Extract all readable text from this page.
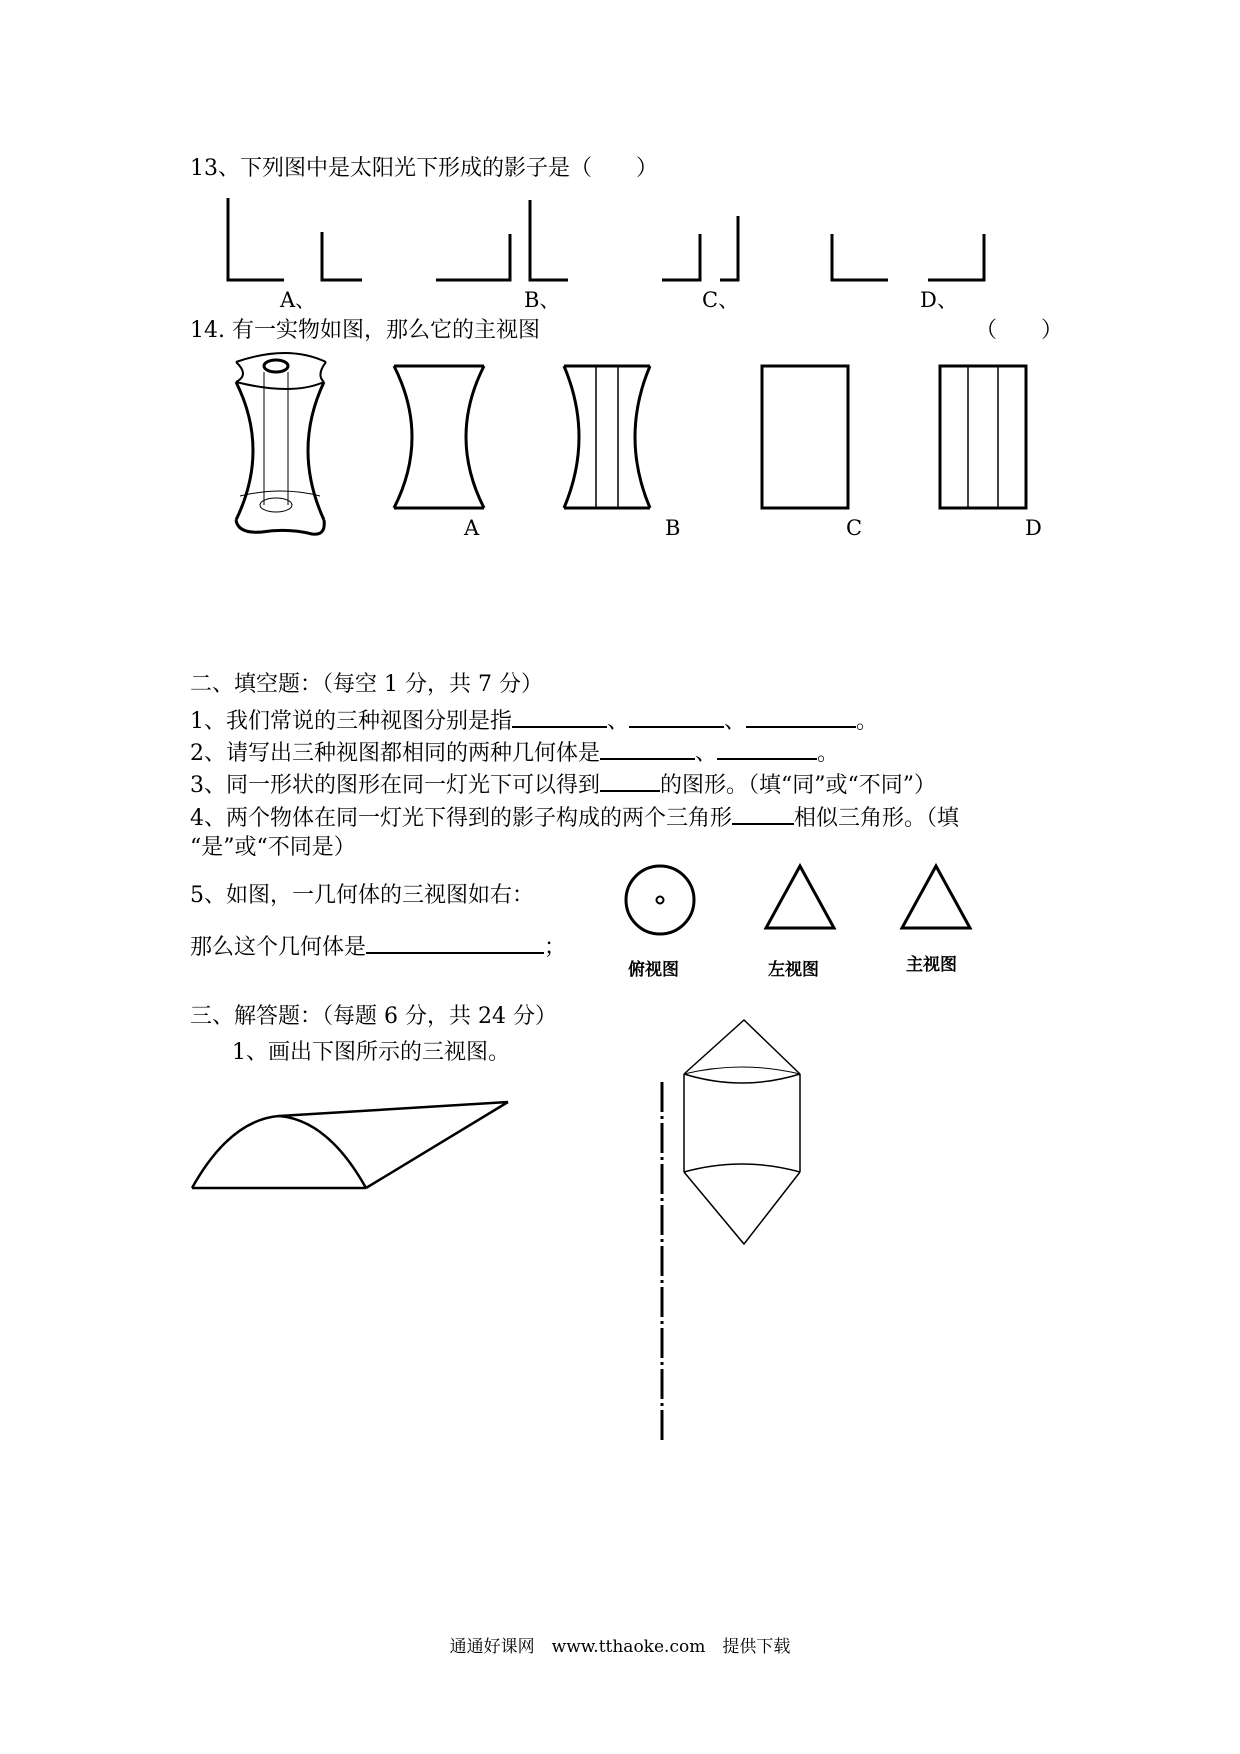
13、下列图中是太阳光下形成的影子是（　　）
A、	B、	C、	D、
14. 有一实物如图，那么它的主视图	（　　）
A	B	C	D
二、填空题：（每空 1 分，共 7 分）
1、我们常说的三种视图分别是指	、	、	。
2、请写出三种视图都相同的两种几何体是	、	。
3、同一形状的图形在同一灯光下可以得到	的图形。（填“同”或“不同”）
4、两个物体在同一灯光下得到的影子构成的两个三角形	相似三角形。（填
“是”或“不同是）
5、如图，一几何体的三视图如右：
那么这个几何体是	；
俯视图	左视图	主视图
三、解答题：（每题 6 分，共 24 分）
1、画出下图所示的三视图。
通通好课网　www.tthaoke.com　提供下载
